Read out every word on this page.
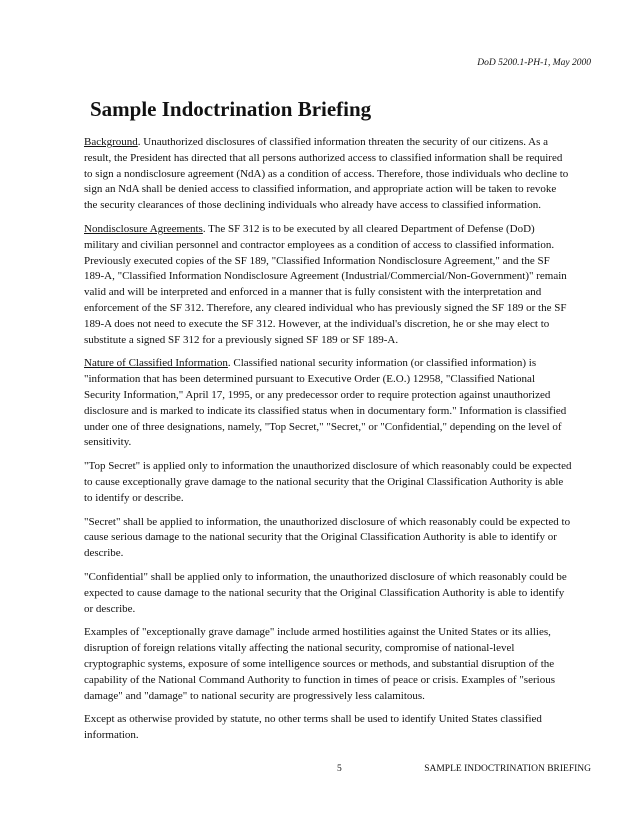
DoD 5200.1-PH-1, May 2000
Sample Indoctrination Briefing

Background. Unauthorized disclosures of classified information threaten the security of our citizens. As a result, the President has directed that all persons authorized access to classified information shall be required to sign a nondisclosure agreement (NdA) as a condition of access. Therefore, those individuals who decline to sign an NdA shall be denied access to classified information, and appropriate action will be taken to revoke the security clearances of those declining individuals who already have access to classified information.

Nondisclosure Agreements. The SF 312 is to be executed by all cleared Department of Defense (DoD) military and civilian personnel and contractor employees as a condition of access to classified information. Previously executed copies of the SF 189, "Classified Information Nondisclosure Agreement," and the SF 189-A, "Classified Information Nondisclosure Agreement (Industrial/Commercial/Non-Government)" remain valid and will be interpreted and enforced in a manner that is fully consistent with the interpretation and enforcement of the SF 312. Therefore, any cleared individual who has previously signed the SF 189 or the SF 189-A does not need to execute the SF 312. However, at the individual's discretion, he or she may elect to substitute a signed SF 312 for a previously signed SF 189 or SF 189-A.

Nature of Classified Information. Classified national security information (or classified information) is "information that has been determined pursuant to Executive Order (E.O.) 12958, "Classified National Security Information," April 17, 1995, or any predecessor order to require protection against unauthorized disclosure and is marked to indicate its classified status when in documentary form." Information is classified under one of three designations, namely, "Top Secret," "Secret," or "Confidential," depending on the level of sensitivity.

"Top Secret" is applied only to information the unauthorized disclosure of which reasonably could be expected to cause exceptionally grave damage to the national security that the Original Classification Authority is able to identify or describe.

"Secret" shall be applied to information, the unauthorized disclosure of which reasonably could be expected to cause serious damage to the national security that the Original Classification Authority is able to identify or describe.

"Confidential" shall be applied only to information, the unauthorized disclosure of which reasonably could be expected to cause damage to the national security that the Original Classification Authority is able to identify or describe.

Examples of "exceptionally grave damage" include armed hostilities against the United States or its allies, disruption of foreign relations vitally affecting the national security, compromise of national-level cryptographic systems, exposure of some intelligence sources or methods, and substantial disruption of the capability of the National Command Authority to function in times of peace or crisis. Examples of "serious damage" and "damage" to national security are progressively less calamitous.

Except as otherwise provided by statute, no other terms shall be used to identify United States classified information.

5	SAMPLE INDOCTRINATION BRIEFING
